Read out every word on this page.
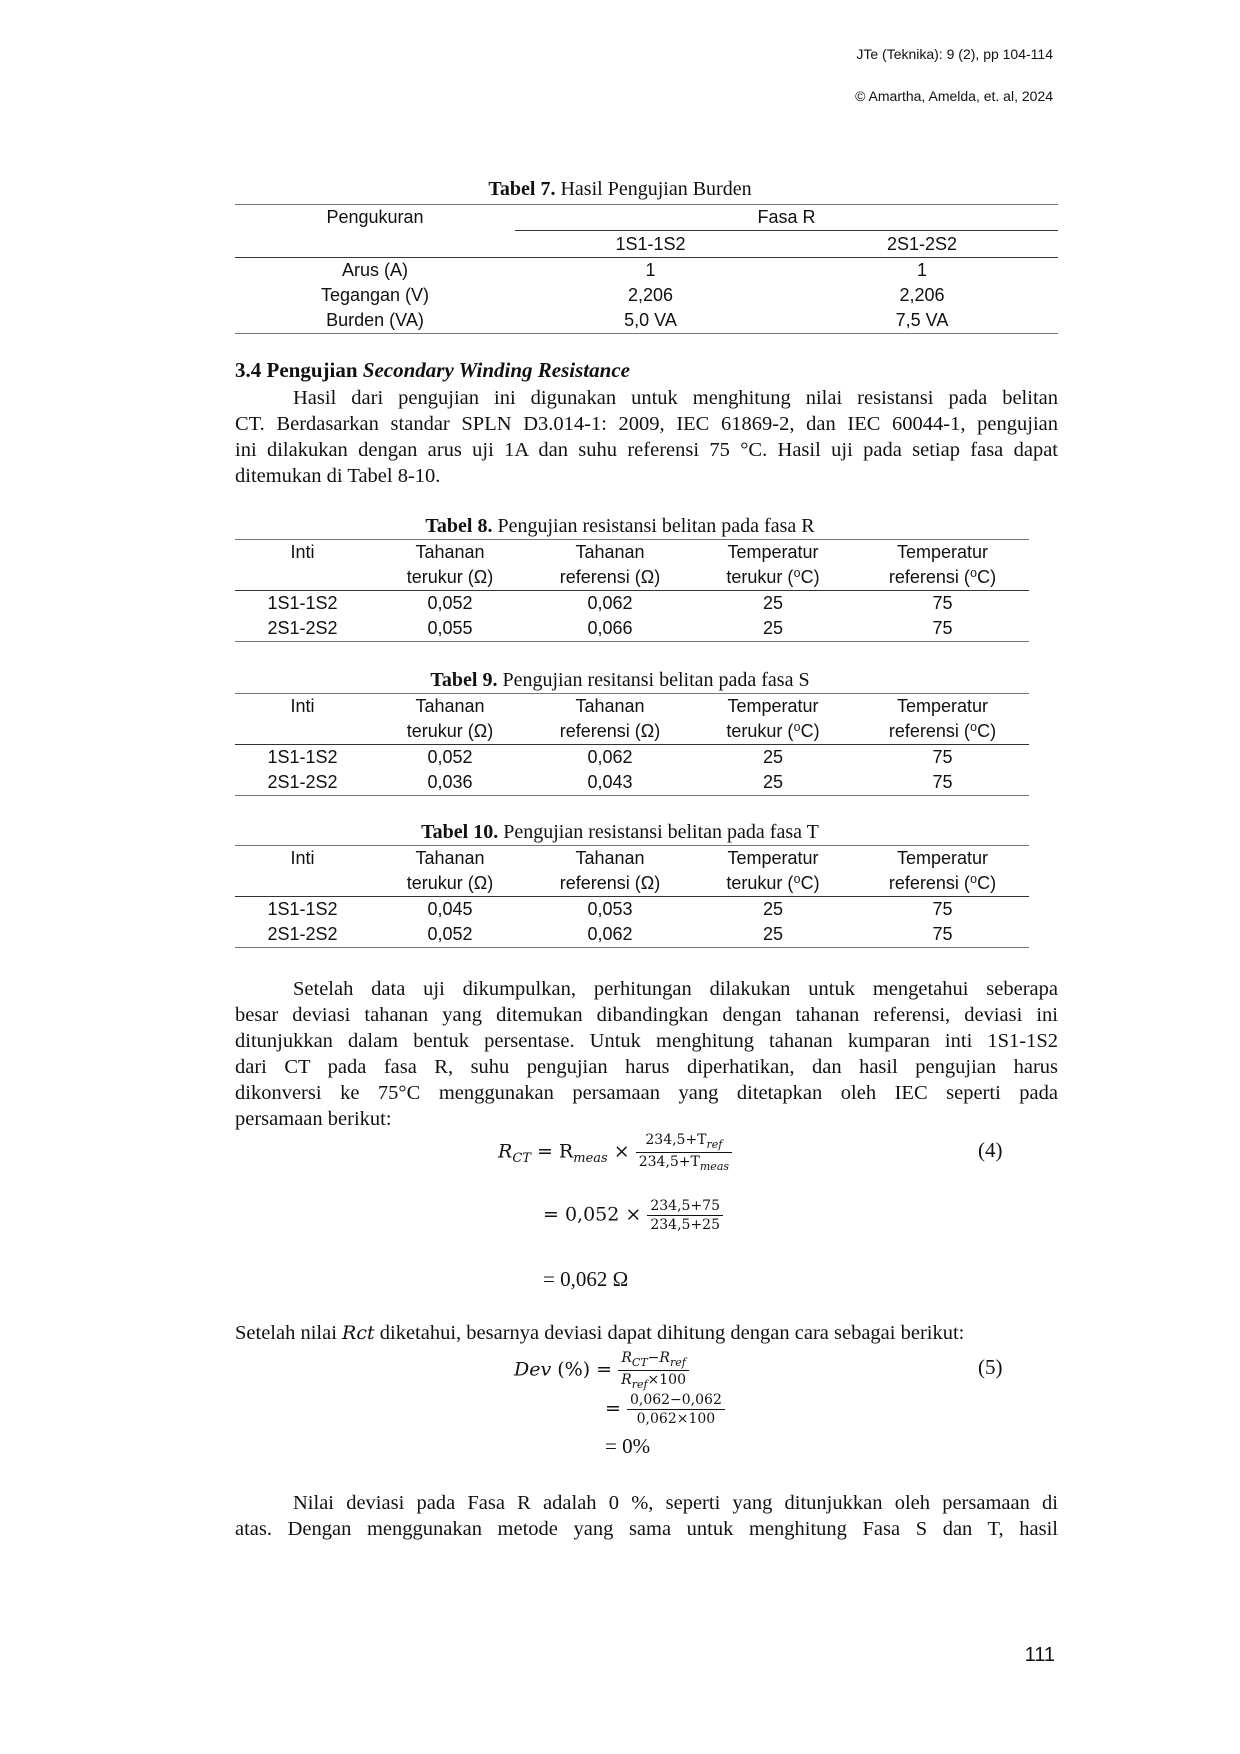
JTe (Teknika): 9 (2), pp 104-114
© Amartha, Amelda, et. al, 2024
Tabel 7. Hasil Pengujian Burden
Pengukuran	Fasa R	
	1S1-1S2	2S1-2S2
Arus (A)	1	1
Tegangan (V)	2,206	2,206
Burden (VA)	5,0 VA	7,5 VA
3.4 Pengujian Secondary Winding Resistance
Hasil dari pengujian ini digunakan untuk menghitung nilai resistansi pada belitan
CT. Berdasarkan standar SPLN D3.014-1: 2009, IEC 61869-2, dan IEC 60044-1, pengujian
ini dilakukan dengan arus uji 1A dan suhu referensi 75 °C. Hasil uji pada setiap fasa dapat
ditemukan di Tabel 8-10.
Tabel 8. Pengujian resistansi belitan pada fasa R
Inti	Tahanan	Tahanan	Temperatur	Temperatur
	terukur (Ω)	referensi (Ω)	terukur (⁰C)	referensi (⁰C)
1S1-1S2	0,052	0,062	25	75
2S1-2S2	0,055	0,066	25	75
Tabel 9. Pengujian resitansi belitan pada fasa S
Inti	Tahanan	Tahanan	Temperatur	Temperatur
	terukur (Ω)	referensi (Ω)	terukur (⁰C)	referensi (⁰C)
1S1-1S2	0,052	0,062	25	75
2S1-2S2	0,036	0,043	25	75
Tabel 10. Pengujian resistansi belitan pada fasa T
Inti	Tahanan	Tahanan	Temperatur	Temperatur
	terukur (Ω)	referensi (Ω)	terukur (⁰C)	referensi (⁰C)
1S1-1S2	0,045	0,053	25	75
2S1-2S2	0,052	0,062	25	75
Setelah data uji dikumpulkan, perhitungan dilakukan untuk mengetahui seberapa
besar deviasi tahanan yang ditemukan dibandingkan dengan tahanan referensi, deviasi ini
ditunjukkan dalam bentuk persentase. Untuk menghitung tahanan kumparan inti 1S1-1S2
dari CT pada fasa R, suhu pengujian harus diperhatikan, dan hasil pengujian harus
dikonversi ke 75°C menggunakan persamaan yang ditetapkan oleh IEC seperti pada
persamaan berikut:
$R_{CT} = R_{meas} \times \frac{234,5+T_{ref}}{234,5+T_{meas}}$	(4)
= $0,052 \times \frac{234,5+75}{234,5+25}$
= 0,062 Ω
Setelah nilai Rct diketahui, besarnya deviasi dapat dihitung dengan cara sebagai berikut:
Dev (%) = $\frac{R_{CT}-R_{ref}}{R_{ref}\times 100}$	(5)
= $\frac{0,062-0,062}{0,062\times 100}$
= 0%
Nilai deviasi pada Fasa R adalah 0 %, seperti yang ditunjukkan oleh persamaan di
atas. Dengan menggunakan metode yang sama untuk menghitung Fasa S dan T, hasil
111
